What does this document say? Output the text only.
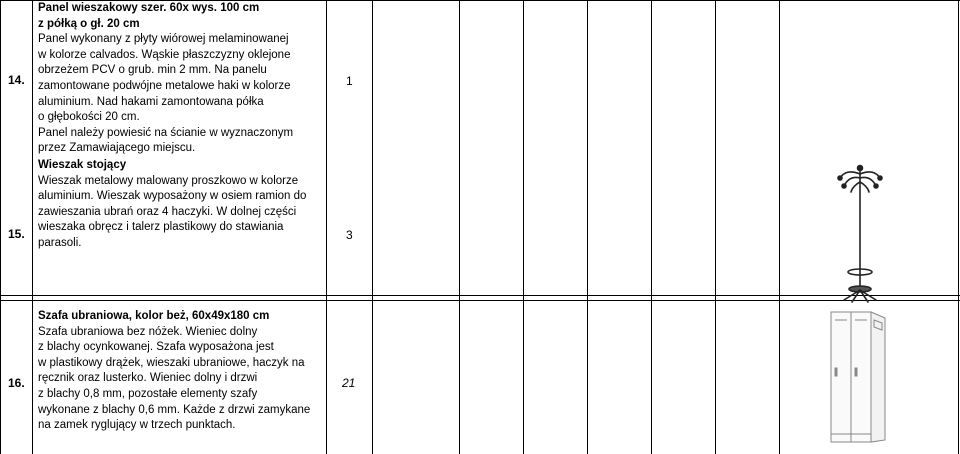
14.

Panel wieszakowy szer. 60x wys. 100 cm

z półką o gł. 20 cm

Panel wykonany z płyty wiórowej melaminowanej

w kolorze calvados. Wąskie płaszczyzny oklejone

obrzeżem PCV o grub. min 2 mm. Na panelu

zamontowane podwójne metalowe haki w kolorze

aluminium. Nad hakami zamontowana półka

o głębokości 20 cm.

Panel należy powiesić na ścianie w wyznaczonym

przez Zamawiającego miejscu.

1
15.

Wieszak stojący

Wieszak metalowy malowany proszkowo w kolorze

aluminium. Wieszak wyposażony w osiem ramion do

zawieszania ubrań oraz 4 haczyki. W dolnej części

wieszaka obręcz i talerz plastikowy do stawiania

parasoli.

3
16.

Szafa ubraniowa, kolor beż, 60x49x180 cm

Szafa ubraniowa bez nóżek. Wieniec dolny

z blachy ocynkowanej. Szafa wyposażona jest

w plastikowy drążek, wieszaki ubraniowe, haczyk na

ręcznik oraz lusterko. Wieniec dolny i drzwi

z blachy 0,8 mm, pozostałe elementy szafy

wykonane z blachy 0,6 mm. Każde z drzwi zamykane

na zamek ryglujący w trzech punktach.

21
